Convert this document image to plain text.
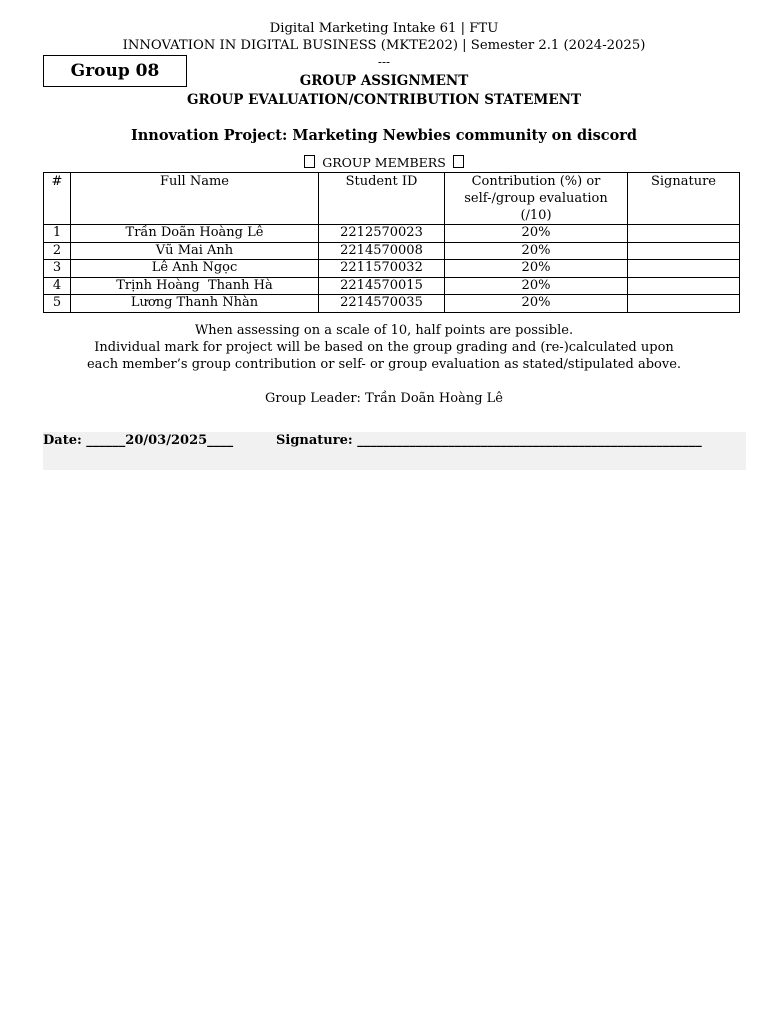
Digital Marketing Intake 61 | FTU
INNOVATION IN DIGITAL BUSINESS (MKTE202) | Semester 2.1 (2024-2025)
---
Group 08	GROUP ASSIGNMENT
GROUP EVALUATION/CONTRIBUTION STATEMENT
Innovation Project: Marketing Newbies community on discord
GROUP MEMBERS
#	Full Name	Student ID	Contribution (%) or self-/group evaluation (/10)	Signature
1	Trần Doãn Hoàng Lê	2212570023	20%	
2	Vũ Mai Anh	2214570008	20%	
3	Lê Anh Ngọc	2211570032	20%	
4	Trịnh Hoàng  Thanh Hà	2214570015	20%	
5	Lương Thanh Nhàn	2214570035	20%	
When assessing on a scale of 10, half points are possible.
Individual mark for project will be based on the group grading and (re-)calculated upon
each member’s group contribution or self- or group evaluation as stated/stipulated above.
Group Leader: Trần Doãn Hoàng Lê
Date: ______20/03/2025____	Signature: _____________________________________________________
